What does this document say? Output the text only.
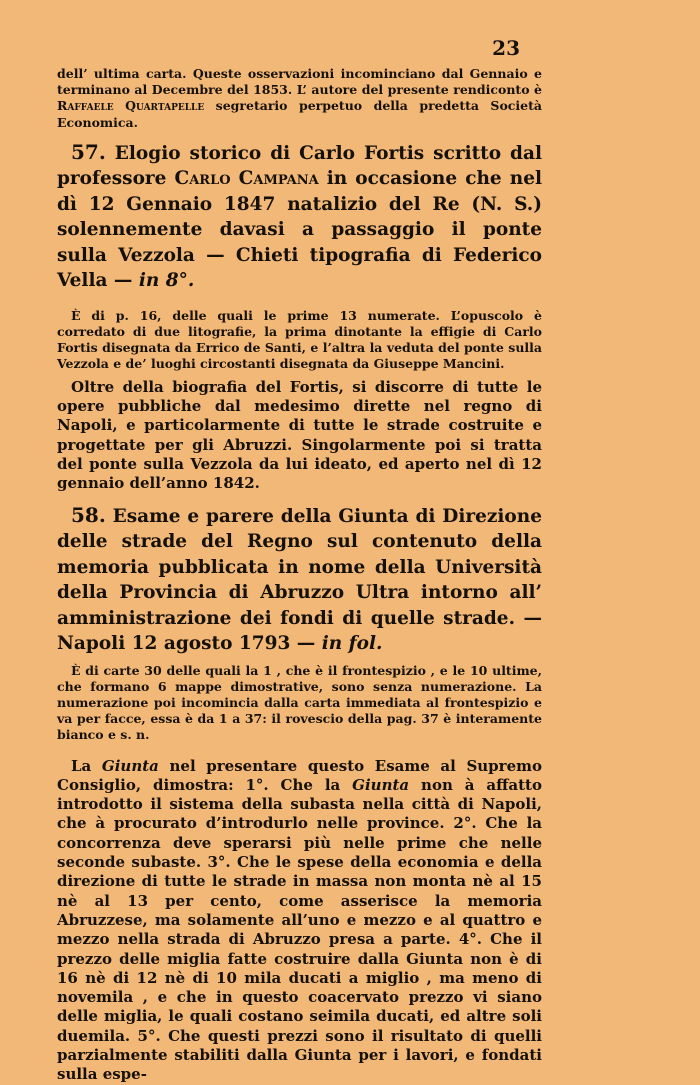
23

dell’ ultima carta. Queste osservazioni incominciano dal Gennaio e terminano al Decembre del 1853. L’ autore del presente rendiconto è Raffaele Quartapelle segretario perpetuo della predetta Società Economica.

57. Elogio storico di Carlo Fortis scritto dal professore Carlo Campana in occasione che nel dì 12 Gennaio 1847 natalizio del Re (N. S.) solennemente davasi a passaggio il ponte sulla Vezzola — Chieti tipografia di Federico Vella — in 8°.

È di p. 16, delle quali le prime 13 numerate. L’opuscolo è corredato di due litografie, la prima dinotante la effigie di Carlo Fortis disegnata da Errico de Santi, e l’altra la veduta del ponte sulla Vezzola e de’ luoghi circostanti disegnata da Giuseppe Mancini.

Oltre della biografia del Fortis, si discorre di tutte le opere pubbliche dal medesimo dirette nel regno di Napoli, e particolarmente di tutte le strade costruite e progettate per gli Abruzzi. Singolarmente poi si tratta del ponte sulla Vezzola da lui ideato, ed aperto nel dì 12 gennaio dell’anno 1842.

58. Esame e parere della Giunta di Direzione delle strade del Regno sul contenuto della memoria pubblicata in nome della Università della Provincia di Abruzzo Ultra intorno all’ amministrazione dei fondi di quelle strade. — Napoli 12 agosto 1793 — in fol.

È di carte 30 delle quali la 1 , che è il frontespizio , e le 10 ultime, che formano 6 mappe dimostrative, sono senza numerazione. La numerazione poi incomincia dalla carta immediata al frontespizio e va per facce, essa è da 1 a 37: il rovescio della pag. 37 è interamente bianco e s. n.

La Giunta nel presentare questo Esame al Supremo Consiglio, dimostra: 1°. Che la Giunta non à affatto introdotto il sistema della subasta nella città di Napoli, che à procurato d’introdurlo nelle province. 2°. Che la concorrenza deve sperarsi più nelle prime che nelle seconde subaste. 3°. Che le spese della economia e della direzione di tutte le strade in massa non monta nè al 15 nè al 13 per cento, come asserisce la memoria Abruzzese, ma solamente all’uno e mezzo e al quattro e mezzo nella strada di Abruzzo presa a parte. 4°. Che il prezzo delle miglia fatte costruire dalla Giunta non è di 16 nè di 12 nè di 10 mila ducati a miglio , ma meno di novemila , e che in questo coacervato prezzo vi siano delle miglia, le quali costano seimila ducati, ed altre soli duemila. 5°. Che questi prezzi sono il risultato di quelli parzialmente stabiliti dalla Giunta per i lavori, e fondati sulla espe-
